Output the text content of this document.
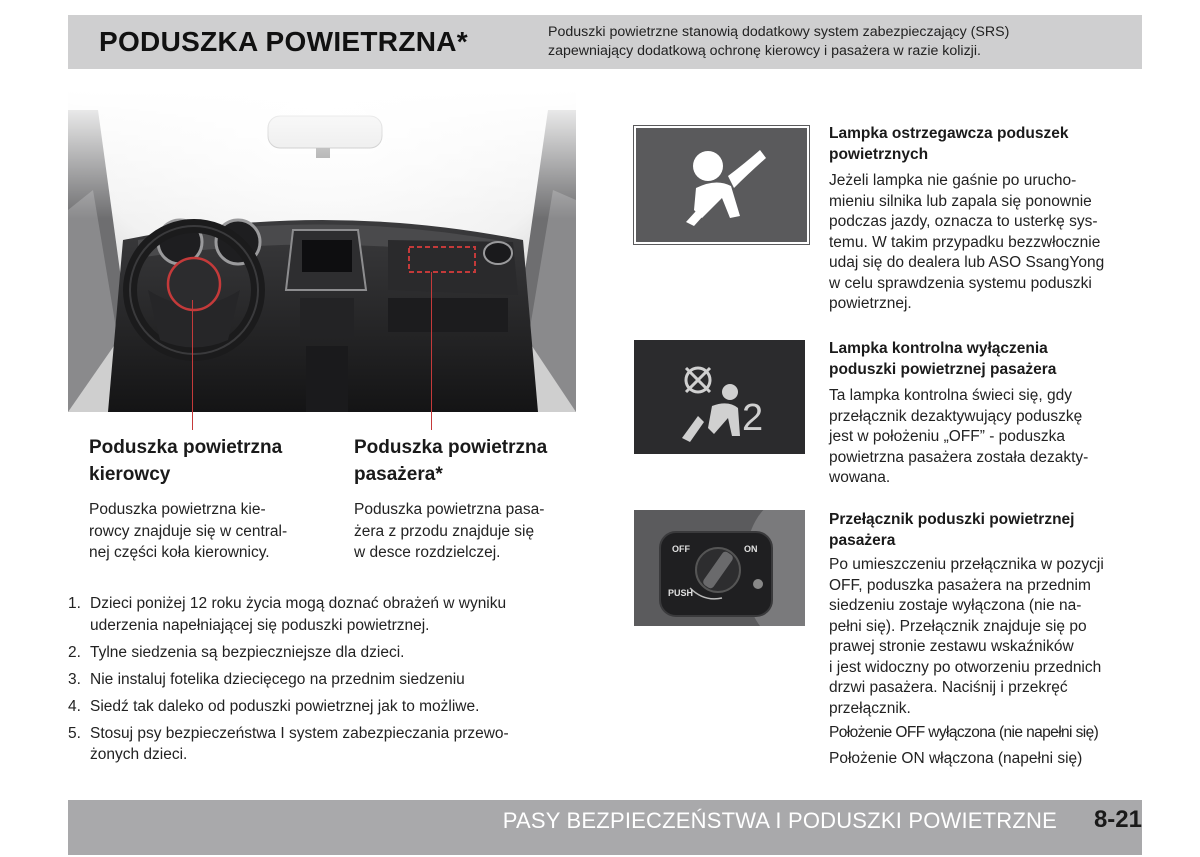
PODUSZKA POWIETRZNA*	Poduszki powietrzne stanowią dodatkowy system zabezpieczający (SRS)
zapewniający dodatkową ochronę kierowcy i pasażera w razie kolizji.
Poduszka powietrzna
kierowcy
Poduszka powietrzna kie-
rowcy znajduje się w central-
nej części koła kierownicy.
Poduszka powietrzna
pasażera*
Poduszka powietrzna pasa-
żera z przodu znajduje się
w desce rozdzielczej.
1. Dzieci poniżej 12 roku życia mogą doznać obrażeń w wyniku
uderzenia napełniającej się poduszki powietrznej.
2. Tylne siedzenia są bezpieczniejsze dla dzieci.
3. Nie instaluj fotelika dziecięcego na przednim siedzeniu
4. Siedź tak daleko od poduszki powietrznej jak to możliwe.
5. Stosuj psy bezpieczeństwa I system zabezpieczania przewo-
żonych dzieci.
Lampka ostrzegawcza poduszek
powietrznych
Jeżeli lampka nie gaśnie po urucho-
mieniu silnika lub zapala się ponownie
podczas jazdy, oznacza to usterkę sys-
temu. W takim przypadku bezzwłocznie
udaj się do dealera lub ASO SsangYong
w celu sprawdzenia systemu poduszki
powietrznej.
2
Lampka kontrolna wyłączenia
poduszki powietrznej pasażera
Ta lampka kontrolna świeci się, gdy
przełącznik dezaktywujący poduszkę
jest w położeniu „OFF” - poduszka
powietrzna pasażera została dezakty-
wowana.
OFF	ON
PUSH
Przełącznik poduszki powietrznej
pasażera
Po umieszczeniu przełącznika w pozycji
OFF, poduszka pasażera na przednim
siedzeniu zostaje wyłączona (nie na-
pełni się). Przełącznik znajduje się po
prawej stronie zestawu wskaźników
i jest widoczny po otworzeniu przednich
drzwi pasażera. Naciśnij i przekręć
przełącznik.
Położenie OFF wyłączona (nie napełni się)
Położenie ON włączona (napełni się)
PASY BEZPIECZEŃSTWA I PODUSZKI POWIETRZNE 8-21
